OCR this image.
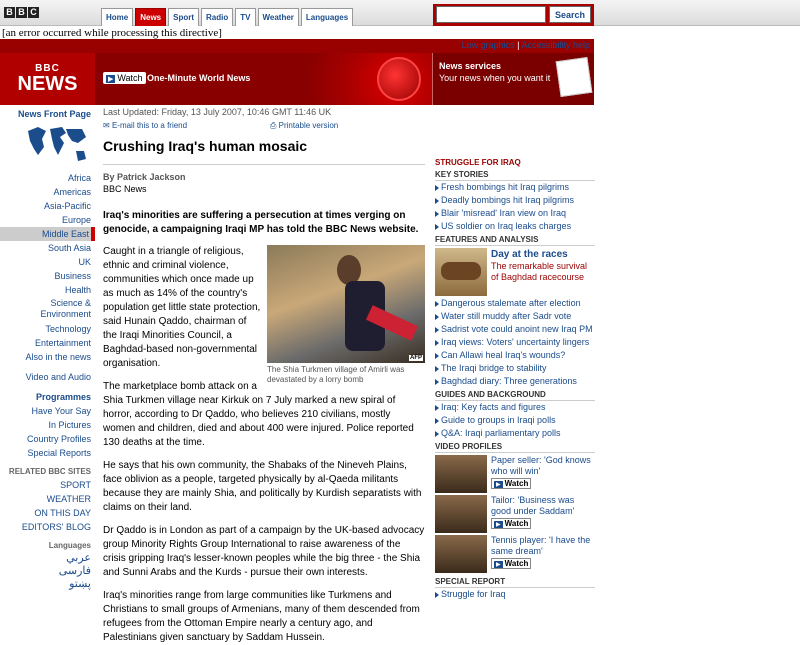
B B C
Home	News	Sport	Radio	TV	Weather	Languages	Search
[an error occurred while processing this directive]
Low graphics | Accessibility help
BBC
NEWS	▶ Watch One-Minute World News
News services
Your news when you want it
News Front Page
Africa
Americas
Asia-Pacific
Europe
Middle East
South Asia
UK
Business
Health
Science & Environment
Technology
Entertainment
Also in the news
Video and Audio
Programmes
Have Your Say
In Pictures
Country Profiles
Special Reports
RELATED BBC SITES
SPORT
WEATHER
ON THIS DAY
EDITORS' BLOG
Languages
عربي
فارسی
پښتو
Last Updated: Friday, 13 July 2007, 10:46 GMT 11:46 UK
✉ E-mail this to a friend	⎙ Printable version
Crushing Iraq's human mosaic
By Patrick Jackson
BBC News
Iraq's minorities are suffering a persecution at times verging on genocide, a campaigning Iraqi MP has told the BBC News website.
AFP
The Shia Turkmen village of Amirli was devastated by a lorry bomb

Caught in a triangle of religious, ethnic and criminal violence, communities which once made up as much as 14% of the country's population get little state protection, said Hunain Qaddo, chairman of the Iraqi Minorities Council, a Baghdad-based non-governmental organisation.

The marketplace bomb attack on a Shia Turkmen village near Kirkuk on 7 July marked a new spiral of horror, according to Dr Qaddo, who believes 210 civilians, mostly women and children, died and about 400 were injured. Police reported 130 deaths at the time.

He says that his own community, the Shabaks of the Nineveh Plains, face oblivion as a people, targeted physically by al-Qaeda militants because they are mainly Shia, and politically by Kurdish separatists with claims on their land.

Dr Qaddo is in London as part of a campaign by the UK-based advocacy group Minority Rights Group International to raise awareness of the crisis gripping Iraq's lesser-known peoples while the big three - the Shia and Sunni Arabs and the Kurds - pursue their own interests.

Iraq's minorities range from large communities like Turkmens and Christians to small groups of Armenians, many of them descended from refugees from the Ottoman Empire nearly a century ago, and Palestinians given sanctuary by Saddam Hussein.

STRUGGLE FOR IRAQ
KEY STORIES
Fresh bombings hit Iraq pilgrims
Deadly bombings hit Iraq pilgrims
Blair 'misread' Iran view on Iraq
US soldier on Iraq leaks charges
FEATURES AND ANALYSIS
Day at the races
The remarkable survival of Baghdad racecourse
Dangerous stalemate after election
Water still muddy after Sadr vote
Sadrist vote could anoint new Iraq PM
Iraq views: Voters' uncertainty lingers
Can Allawi heal Iraq's wounds?
The Iraqi bridge to stability
Baghdad diary: Three generations
GUIDES AND BACKGROUND
Iraq: Key facts and figures
Guide to groups in Iraqi polls
Q&A: Iraqi parliamentary polls
VIDEO PROFILES
Paper seller: 'God knows who will win'
▶ Watch
Tailor: 'Business was good under Saddam'
▶ Watch
Tennis player: 'I have the same dream'
▶ Watch
SPECIAL REPORT
Struggle for Iraq
